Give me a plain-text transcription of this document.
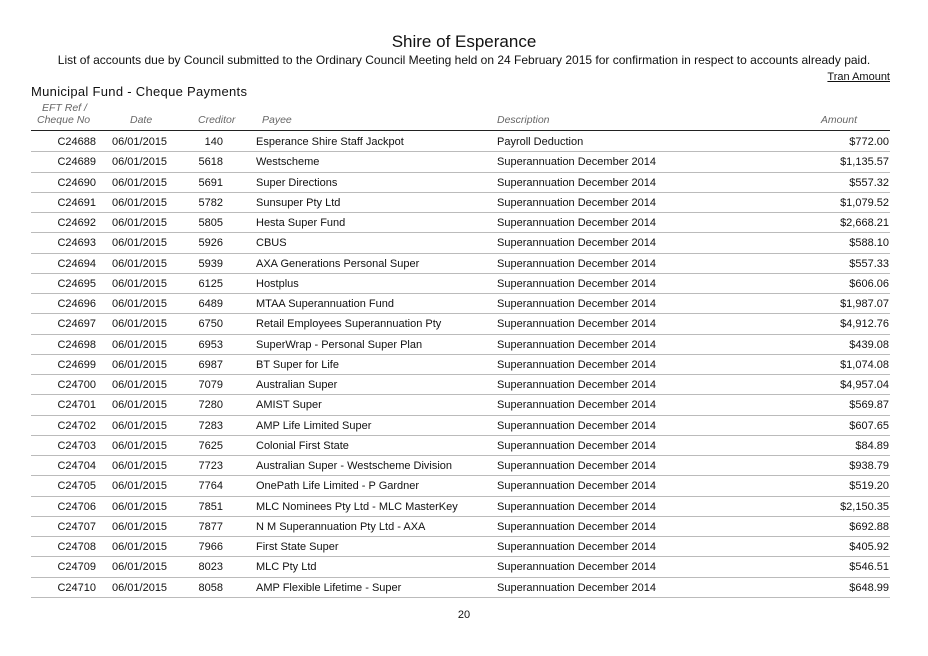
Shire of Esperance
List of accounts due by Council submitted to the Ordinary Council Meeting held on 24 February 2015 for confirmation in respect to accounts already paid.
Tran Amount
Municipal Fund - Cheque Payments
EFT Ref /
Cheque No	Date	Creditor	Payee	Description	Amount
C24688 06/01/2015	140	Esperance Shire Staff Jackpot	Payroll Deduction	$772.00
C24689 06/01/2015	5618	Westscheme	Superannuation December 2014	$1,135.57
C24690 06/01/2015	5691	Super Directions	Superannuation December 2014	$557.32
C24691 06/01/2015	5782	Sunsuper Pty Ltd	Superannuation December 2014	$1,079.52
C24692 06/01/2015	5805	Hesta Super Fund	Superannuation December 2014	$2,668.21
C24693 06/01/2015	5926	CBUS	Superannuation December 2014	$588.10
C24694 06/01/2015	5939	AXA Generations Personal Super	Superannuation December 2014	$557.33
C24695 06/01/2015	6125	Hostplus	Superannuation December 2014	$606.06
C24696 06/01/2015	6489	MTAA Superannuation Fund	Superannuation December 2014	$1,987.07
C24697 06/01/2015	6750	Retail Employees Superannuation Pty	Superannuation December 2014	$4,912.76
C24698 06/01/2015	6953	SuperWrap - Personal Super Plan	Superannuation December 2014	$439.08
C24699 06/01/2015	6987	BT Super for Life	Superannuation December 2014	$1,074.08
C24700 06/01/2015	7079	Australian Super	Superannuation December 2014	$4,957.04
C24701 06/01/2015	7280	AMIST Super	Superannuation December 2014	$569.87
C24702 06/01/2015	7283	AMP Life Limited Super	Superannuation December 2014	$607.65
C24703 06/01/2015	7625	Colonial First State	Superannuation December 2014	$84.89
C24704 06/01/2015	7723	Australian Super - Westscheme Division	Superannuation December 2014	$938.79
C24705 06/01/2015	7764	OnePath Life Limited - P Gardner	Superannuation December 2014	$519.20
C24706 06/01/2015	7851	MLC Nominees Pty Ltd - MLC MasterKey	Superannuation December 2014	$2,150.35
C24707 06/01/2015	7877	N M Superannuation Pty Ltd - AXA	Superannuation December 2014	$692.88
C24708 06/01/2015	7966	First State Super	Superannuation December 2014	$405.92
C24709 06/01/2015	8023	MLC Pty Ltd	Superannuation December 2014	$546.51
C24710 06/01/2015	8058	AMP Flexible Lifetime - Super	Superannuation December 2014	$648.99
20
